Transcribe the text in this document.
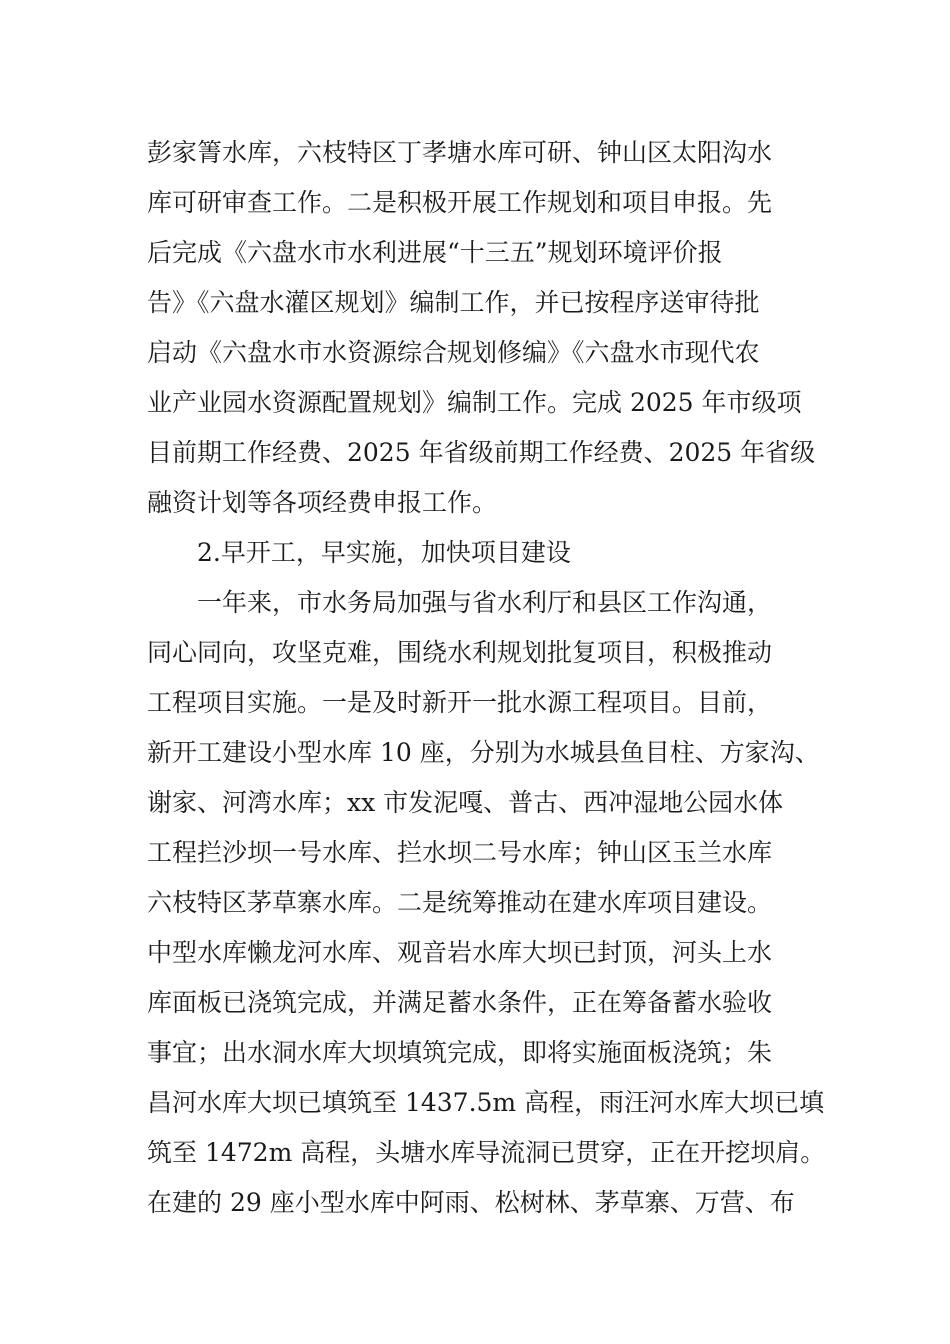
彭家箐水库，六枝特区丁孝塘水库可研、钟山区太阳沟水
库可研审查工作。二是积极开展工作规划和项目申报。先
后完成《六盘水市水利进展“十三五”规划环境评价报
告》《六盘水灌区规划》编制工作，并已按程序送审待批
启动《六盘水市水资源综合规划修编》《六盘水市现代农
业产业园水资源配置规划》编制工作。完成 2025 年市级项
目前期工作经费、2025 年省级前期工作经费、2025 年省级
融资计划等各项经费申报工作。
2.早开工，早实施，加快项目建设
一年来，市水务局加强与省水利厅和县区工作沟通，
同心同向，攻坚克难，围绕水利规划批复项目，积极推动
工程项目实施。一是及时新开一批水源工程项目。目前，
新开工建设小型水库 10 座，分别为水城县鱼目柱、方家沟、
谢家、河湾水库；xx 市发泥嘎、普古、西冲湿地公园水体
工程拦沙坝一号水库、拦水坝二号水库；钟山区玉兰水库
六枝特区茅草寨水库。二是统筹推动在建水库项目建设。
中型水库懒龙河水库、观音岩水库大坝已封顶，河头上水
库面板已浇筑完成，并满足蓄水条件，正在筹备蓄水验收
事宜；出水洞水库大坝填筑完成，即将实施面板浇筑；朱
昌河水库大坝已填筑至 1437.5m 高程，雨汪河水库大坝已填
筑至 1472m 高程，头塘水库导流洞已贯穿，正在开挖坝肩。
在建的 29 座小型水库中阿雨、松树林、茅草寨、万营、布
